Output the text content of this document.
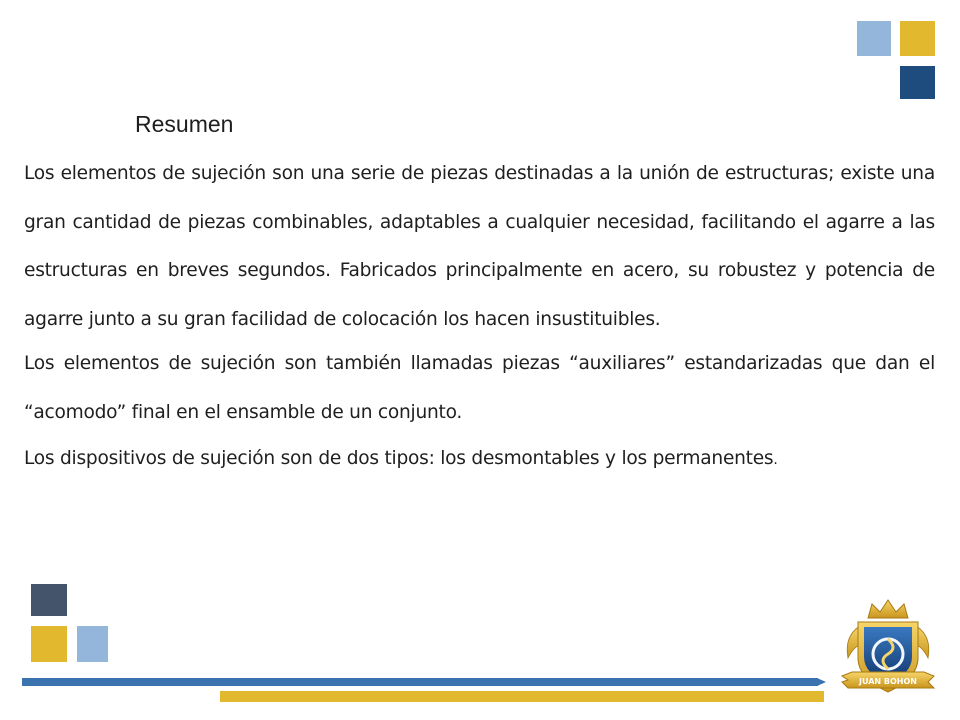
Resumen

Los elementos de sujeción son una serie de piezas destinadas a la unión de estructuras; existe una gran cantidad de piezas combinables, adaptables a cualquier necesidad, facilitando el agarre a las estructuras en breves segundos. Fabricados principalmente en acero, su robustez y potencia de agarre junto a su gran facilidad de colocación los hacen insustituibles.

Los elementos de sujeción son también llamadas piezas “auxiliares” estandarizadas que dan el “acomodo” final en el ensamble de un conjunto.

Los dispositivos de sujeción son de dos tipos: los desmontables y los permanentes.

JUAN BOHON
